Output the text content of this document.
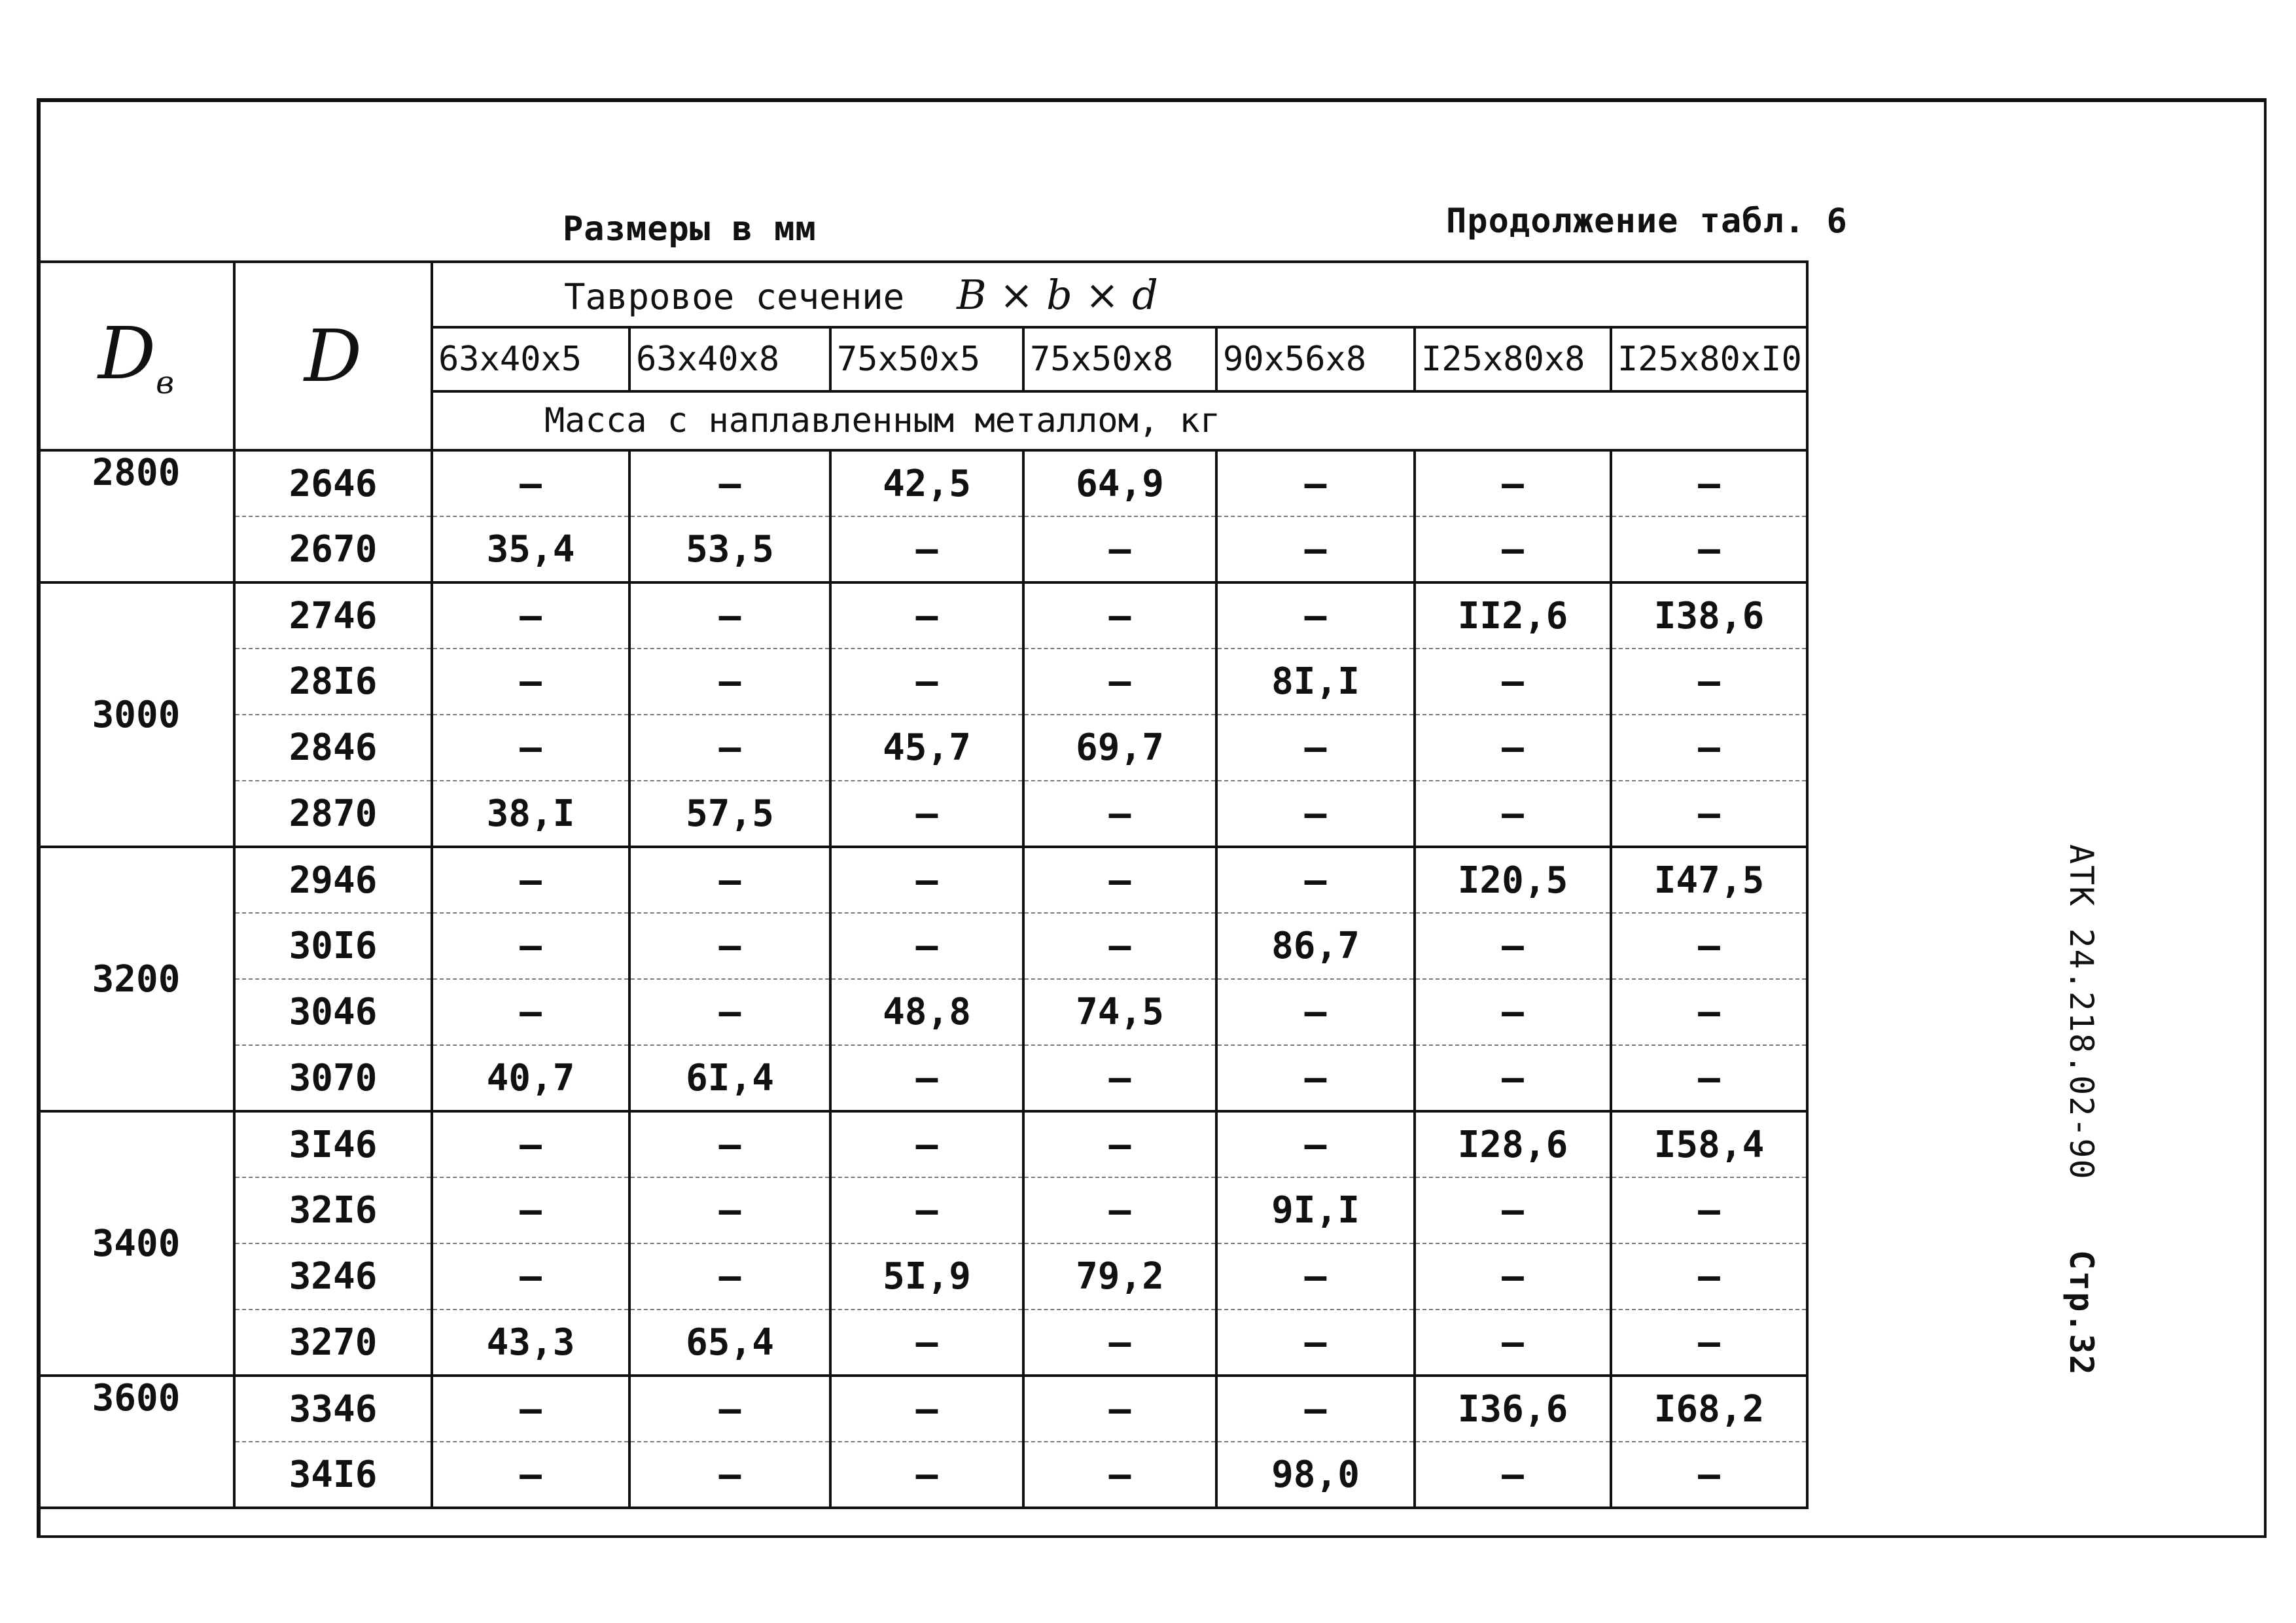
Размеры в мм	Продолжение табл. 6
АТК 24.218.02-90
Стр.32
$D_в$	D	Тавровое сечение B × b × d						
		63x40x5	63x40x8	75x50x5	75x50x8	90x56x8	I25x80x8	I25x80xI0
		Масса с наплавленным металлом, кг						
2800	2646	–	–	42,5	64,9	–	–	–
	2670	35,4	53,5	–	–	–	–	–
3000	2746	–	–	–	–	–	II2,6	I38,6
	28I6	–	–	–	–	8I,I	–	–
	2846	–	–	45,7	69,7	–	–	–
	2870	38,I	57,5	–	–	–	–	–
3200	2946	–	–	–	–	–	I20,5	I47,5
	30I6	–	–	–	–	86,7	–	–
	3046	–	–	48,8	74,5	–	–	–
	3070	40,7	6I,4	–	–	–	–	–
3400	3I46	–	–	–	–	–	I28,6	I58,4
	32I6	–	–	–	–	9I,I	–	–
	3246	–	–	5I,9	79,2	–	–	–
	3270	43,3	65,4	–	–	–	–	–
3600	3346	–	–	–	–	–	I36,6	I68,2
	34I6	–	–	–	–	98,0	–	–
